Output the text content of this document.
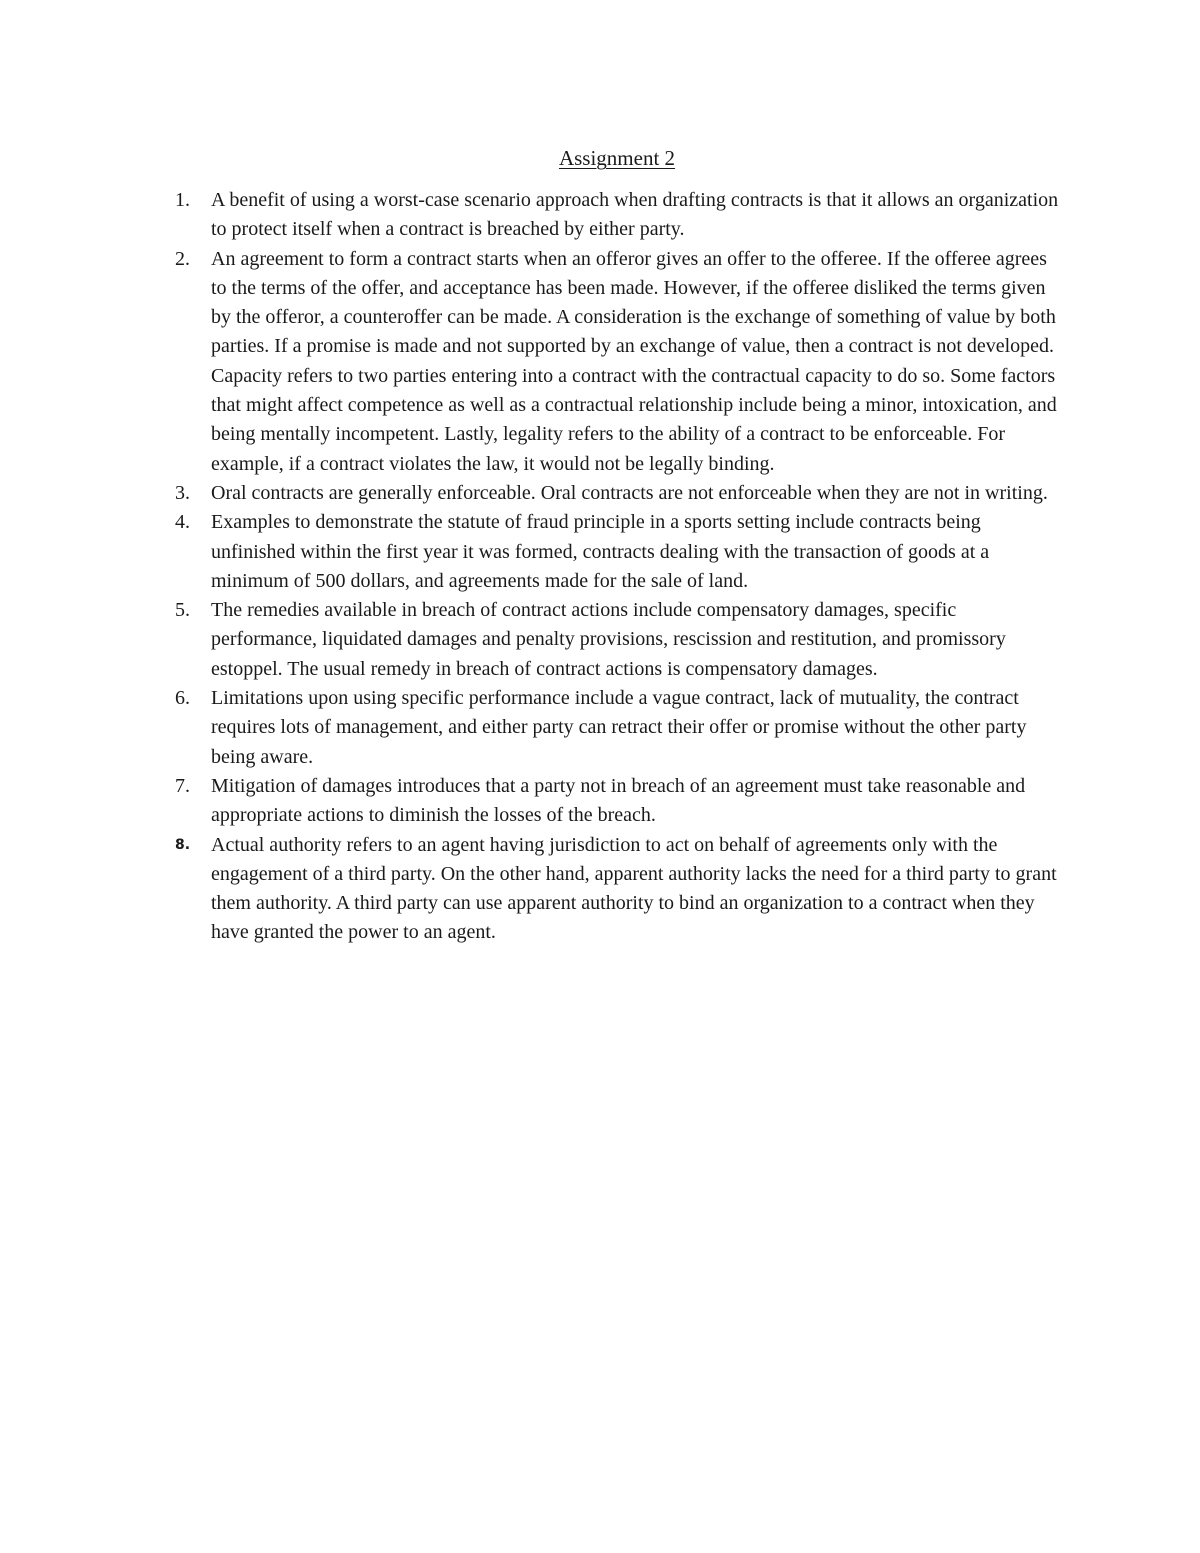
Assignment 2
1.	A benefit of using a worst-case scenario approach when drafting contracts is that it allows an organization to protect itself when a contract is breached by either party.
2.	An agreement to form a contract starts when an offeror gives an offer to the offeree. If the offeree agrees to the terms of the offer, and acceptance has been made. However, if the offeree disliked the terms given by the offeror, a counteroffer can be made. A consideration is the exchange of something of value by both parties. If a promise is made and not supported by an exchange of value, then a contract is not developed. Capacity refers to two parties entering into a contract with the contractual capacity to do so. Some factors that might affect competence as well as a contractual relationship include being a minor, intoxication, and being mentally incompetent. Lastly, legality refers to the ability of a contract to be enforceable. For example, if a contract violates the law, it would not be legally binding.
3.	Oral contracts are generally enforceable. Oral contracts are not enforceable when they are not in writing.
4.	Examples to demonstrate the statute of fraud principle in a sports setting include contracts being unfinished within the first year it was formed, contracts dealing with the transaction of goods at a minimum of 500 dollars, and agreements made for the sale of land.
5.	The remedies available in breach of contract actions include compensatory damages, specific performance, liquidated damages and penalty provisions, rescission and restitution, and promissory estoppel. The usual remedy in breach of contract actions is compensatory damages.
6.	Limitations upon using specific performance include a vague contract, lack of mutuality, the contract requires lots of management, and either party can retract their offer or promise without the other party being aware.
7.	Mitigation of damages introduces that a party not in breach of an agreement must take reasonable and appropriate actions to diminish the losses of the breach.
8.	Actual authority refers to an agent having jurisdiction to act on behalf of agreements only with the engagement of a third party. On the other hand, apparent authority lacks the need for a third party to grant them authority. A third party can use apparent authority to bind an organization to a contract when they have granted the power to an agent.
